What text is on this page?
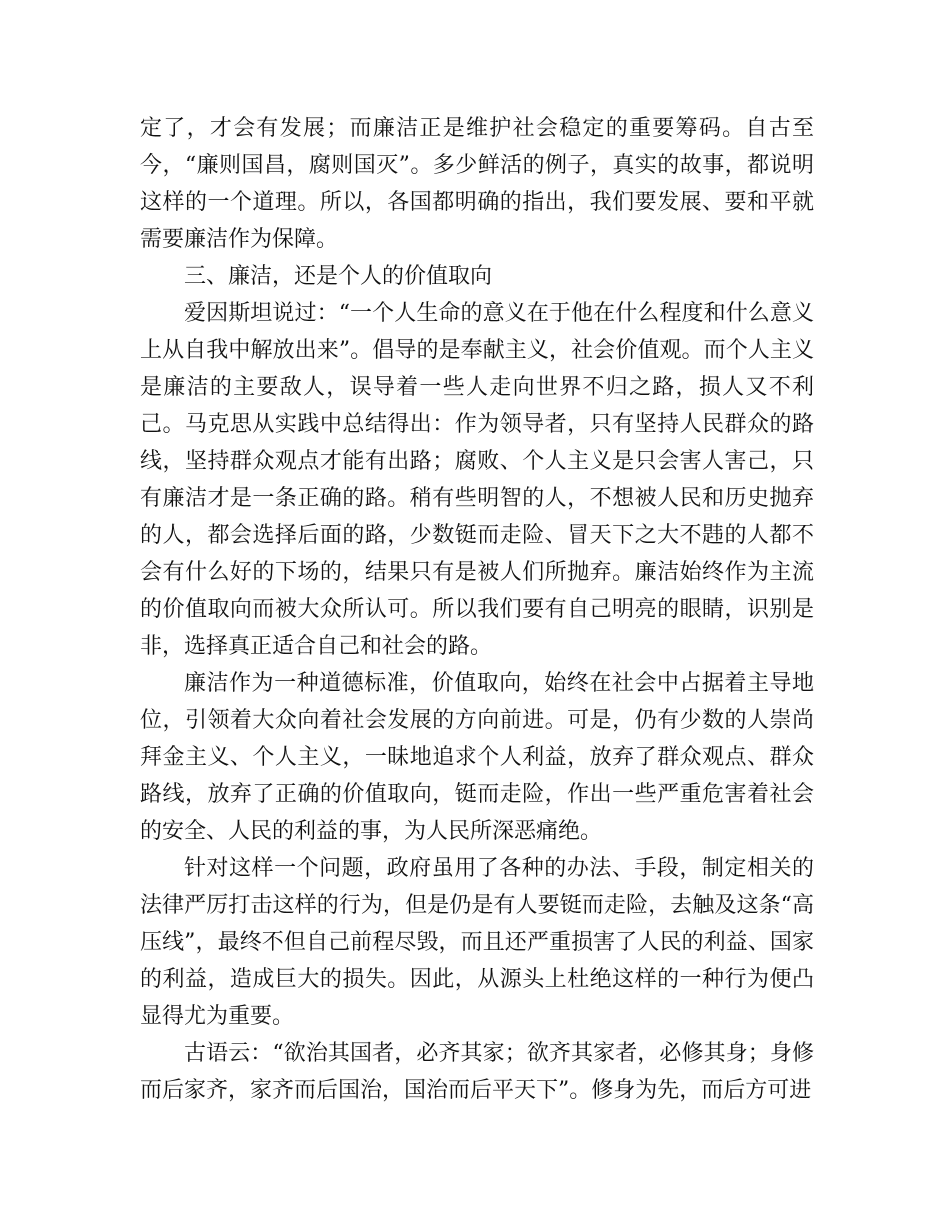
定了，才会有发展；而廉洁正是维护社会稳定的重要筹码。自古至今，“廉则国昌，腐则国灭”。多少鲜活的例子，真实的故事，都说明这样的一个道理。所以，各国都明确的指出，我们要发展、要和平就需要廉洁作为保障。

三、廉洁，还是个人的价值取向

爱因斯坦说过：“一个人生命的意义在于他在什么程度和什么意义上从自我中解放出来”。倡导的是奉献主义，社会价值观。而个人主义是廉洁的主要敌人，误导着一些人走向世界不归之路，损人又不利己。马克思从实践中总结得出：作为领导者，只有坚持人民群众的路线，坚持群众观点才能有出路；腐败、个人主义是只会害人害己，只有廉洁才是一条正确的路。稍有些明智的人，不想被人民和历史抛弃的人，都会选择后面的路，少数铤而走险、冒天下之大不韪的人都不会有什么好的下场的，结果只有是被人们所抛弃。廉洁始终作为主流的价值取向而被大众所认可。所以我们要有自己明亮的眼睛，识别是非，选择真正适合自己和社会的路。

廉洁作为一种道德标准，价值取向，始终在社会中占据着主导地位，引领着大众向着社会发展的方向前进。可是，仍有少数的人崇尚拜金主义、个人主义，一昧地追求个人利益，放弃了群众观点、群众路线，放弃了正确的价值取向，铤而走险，作出一些严重危害着社会的安全、人民的利益的事，为人民所深恶痛绝。

针对这样一个问题，政府虽用了各种的办法、手段，制定相关的法律严厉打击这样的行为，但是仍是有人要铤而走险，去触及这条“高压线”，最终不但自己前程尽毁，而且还严重损害了人民的利益、国家的利益，造成巨大的损失。因此，从源头上杜绝这样的一种行为便凸显得尤为重要。

古语云：“欲治其国者，必齐其家；欲齐其家者，必修其身；身修而后家齐，家齐而后国治，国治而后平天下”。修身为先，而后方可进
